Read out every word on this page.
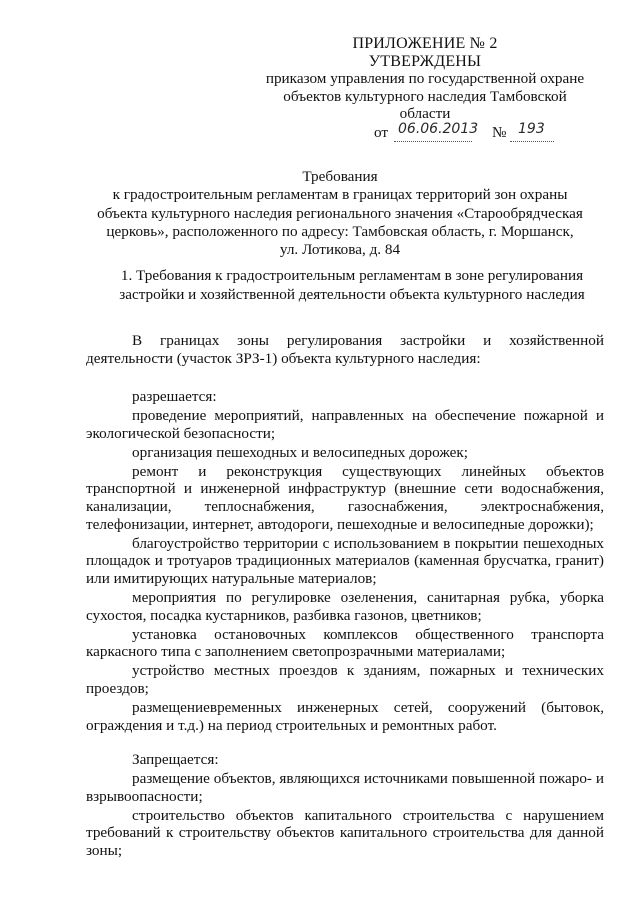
ПРИЛОЖЕНИЕ № 2
УТВЕРЖДЕНЫ
приказом управления по государственной охране
объектов культурного наследия Тамбовской
области
от 06.06.2013 № 193
Требования
к градостроительным регламентам в границах территорий зон охраны
объекта культурного наследия регионального значения «Старообрядческая
церковь», расположенного по адресу: Тамбовская область, г. Моршанск,
ул. Лотикова, д. 84
1. Требования к градостроительным регламентам в зоне регулирования
застройки и хозяйственной деятельности объекта культурного наследия
В границах зоны регулирования застройки и хозяйственной деятельности (участок ЗРЗ-1) объекта культурного наследия:

разрешается:

проведение мероприятий, направленных на обеспечение пожарной и экологической безопасности;

организация пешеходных и велосипедных дорожек;

ремонт и реконструкция существующих линейных объектов транспортной и инженерной инфраструктур (внешние сети водоснабжения, канализации, теплоснабжения, газоснабжения, электроснабжения, телефонизации, интернет, автодороги, пешеходные и велосипедные дорожки);

благоустройство территории с использованием в покрытии пешеходных площадок и тротуаров традиционных материалов (каменная брусчатка, гранит) или имитирующих натуральные материалов;

мероприятия по регулировке озеленения, санитарная рубка, уборка сухостоя, посадка кустарников, разбивка газонов, цветников;

установка остановочных комплексов общественного транспорта каркасного типа с заполнением светопрозрачными материалами;

устройство местных проездов к зданиям, пожарных и технических проездов;

размещениевременных инженерных сетей, сооружений (бытовок, ограждения и т.д.) на период строительных и ремонтных работ.

Запрещается:

размещение объектов, являющихся источниками повышенной пожаро- и взрывоопасности;

строительство объектов капитального строительства с нарушением требований к строительству объектов капитального строительства для данной зоны;
